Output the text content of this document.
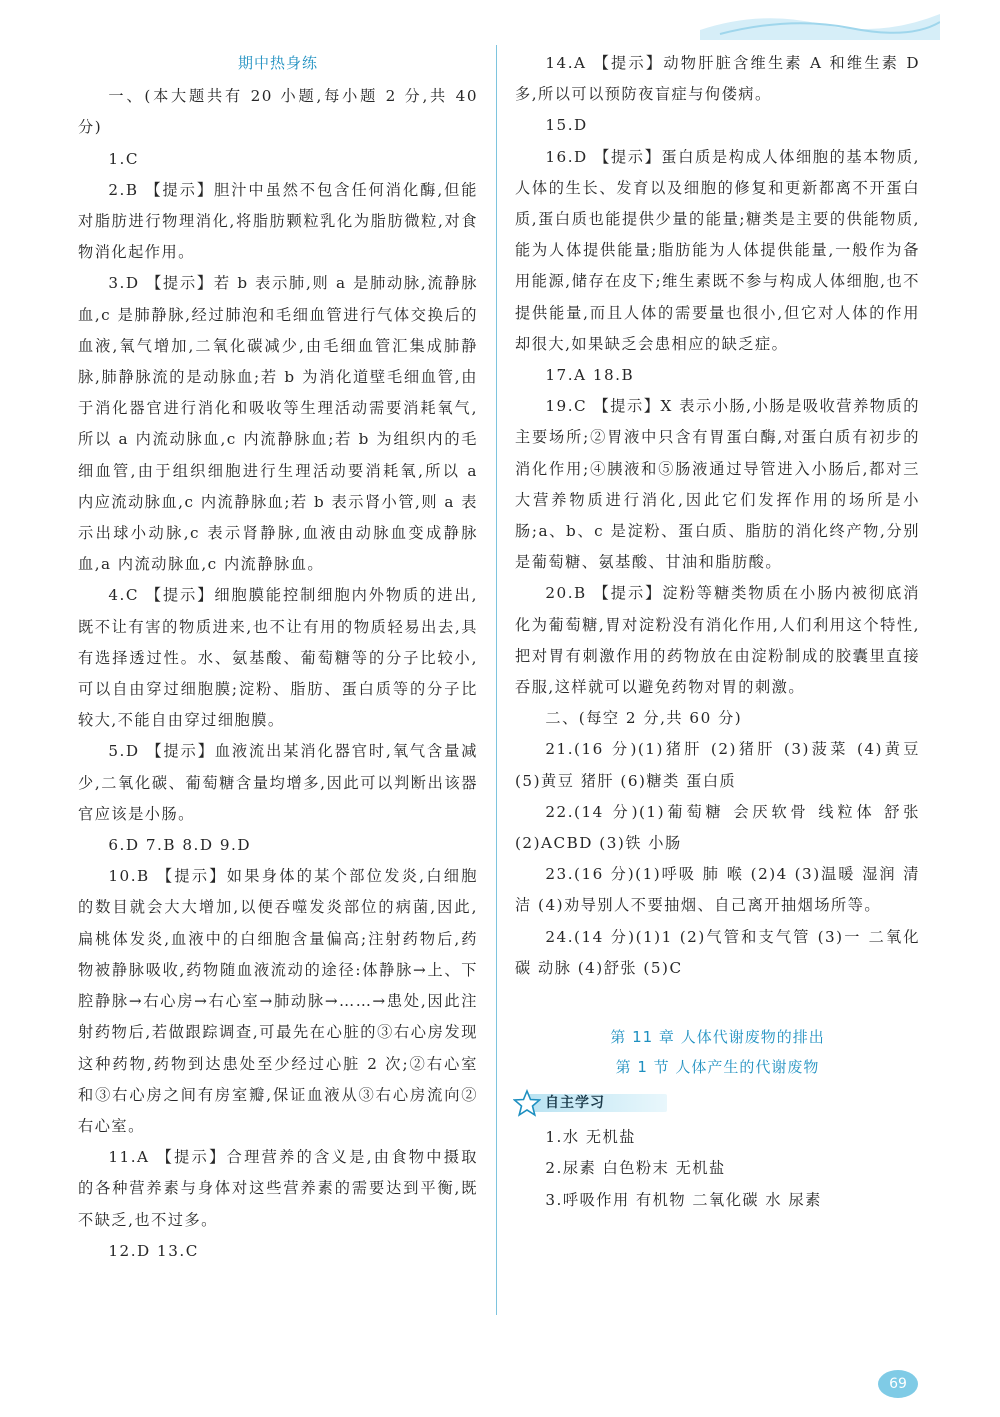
期中热身练

一、(本大题共有 20 小题,每小题 2 分,共 40 分)

1.C

2.B 【提示】胆汁中虽然不包含任何消化酶,但能对脂肪进行物理消化,将脂肪颗粒乳化为脂肪微粒,对食物消化起作用。

3.D 【提示】若 b 表示肺,则 a 是肺动脉,流静脉血,c 是肺静脉,经过肺泡和毛细血管进行气体交换后的血液,氧气增加,二氧化碳减少,由毛细血管汇集成肺静脉,肺静脉流的是动脉血;若 b 为消化道壁毛细血管,由于消化器官进行消化和吸收等生理活动需要消耗氧气,所以 a 内流动脉血,c 内流静脉血;若 b 为组织内的毛细血管,由于组织细胞进行生理活动要消耗氧,所以 a 内应流动脉血,c 内流静脉血;若 b 表示肾小管,则 a 表示出球小动脉,c 表示肾静脉,血液由动脉血变成静脉血,a 内流动脉血,c 内流静脉血。

4.C 【提示】细胞膜能控制细胞内外物质的进出,既不让有害的物质进来,也不让有用的物质轻易出去,具有选择透过性。水、氨基酸、葡萄糖等的分子比较小,可以自由穿过细胞膜;淀粉、脂肪、蛋白质等的分子比较大,不能自由穿过细胞膜。

5.D 【提示】血液流出某消化器官时,氧气含量减少,二氧化碳、葡萄糖含量均增多,因此可以判断出该器官应该是小肠。

6.D 7.B 8.D 9.D

10.B 【提示】如果身体的某个部位发炎,白细胞的数目就会大大增加,以便吞噬发炎部位的病菌,因此,扁桃体发炎,血液中的白细胞含量偏高;注射药物后,药物被静脉吸收,药物随血液流动的途径:体静脉→上、下腔静脉→右心房→右心室→肺动脉→……→患处,因此注射药物后,若做跟踪调查,可最先在心脏的③右心房发现这种药物,药物到达患处至少经过心脏 2 次;②右心室和③右心房之间有房室瓣,保证血液从③右心房流向②右心室。

11.A 【提示】合理营养的含义是,由食物中摄取的各种营养素与身体对这些营养素的需要达到平衡,既不缺乏,也不过多。

12.D 13.C

14.A 【提示】动物肝脏含维生素 A 和维生素 D 多,所以可以预防夜盲症与佝偻病。

15.D

16.D 【提示】蛋白质是构成人体细胞的基本物质,人体的生长、发育以及细胞的修复和更新都离不开蛋白质,蛋白质也能提供少量的能量;糖类是主要的供能物质,能为人体提供能量;脂肪能为人体提供能量,一般作为备用能源,储存在皮下;维生素既不参与构成人体细胞,也不提供能量,而且人体的需要量也很小,但它对人体的作用却很大,如果缺乏会患相应的缺乏症。

17.A 18.B

19.C 【提示】X 表示小肠,小肠是吸收营养物质的主要场所;②胃液中只含有胃蛋白酶,对蛋白质有初步的消化作用;④胰液和⑤肠液通过导管进入小肠后,都对三大营养物质进行消化,因此它们发挥作用的场所是小肠;a、b、c 是淀粉、蛋白质、脂肪的消化终产物,分别是葡萄糖、氨基酸、甘油和脂肪酸。

20.B 【提示】淀粉等糖类物质在小肠内被彻底消化为葡萄糖,胃对淀粉没有消化作用,人们利用这个特性,把对胃有刺激作用的药物放在由淀粉制成的胶囊里直接吞服,这样就可以避免药物对胃的刺激。

二、(每空 2 分,共 60 分)

21.(16 分)(1)猪肝 (2)猪肝 (3)菠菜 (4)黄豆 (5)黄豆 猪肝 (6)糖类 蛋白质

22.(14 分)(1)葡萄糖 会厌软骨 线粒体 舒张 (2)ACBD (3)铁 小肠

23.(16 分)(1)呼吸 肺 喉 (2)4 (3)温暖 湿润 清洁 (4)劝导别人不要抽烟、自己离开抽烟场所等。

24.(14 分)(1)1 (2)气管和支气管 (3)一 二氧化碳 动脉 (4)舒张 (5)C

第 11 章 人体代谢废物的排出
第 1 节 人体产生的代谢废物
自主学习

1.水 无机盐

2.尿素 白色粉末 无机盐

3.呼吸作用 有机物 二氧化碳 水 尿素

69
